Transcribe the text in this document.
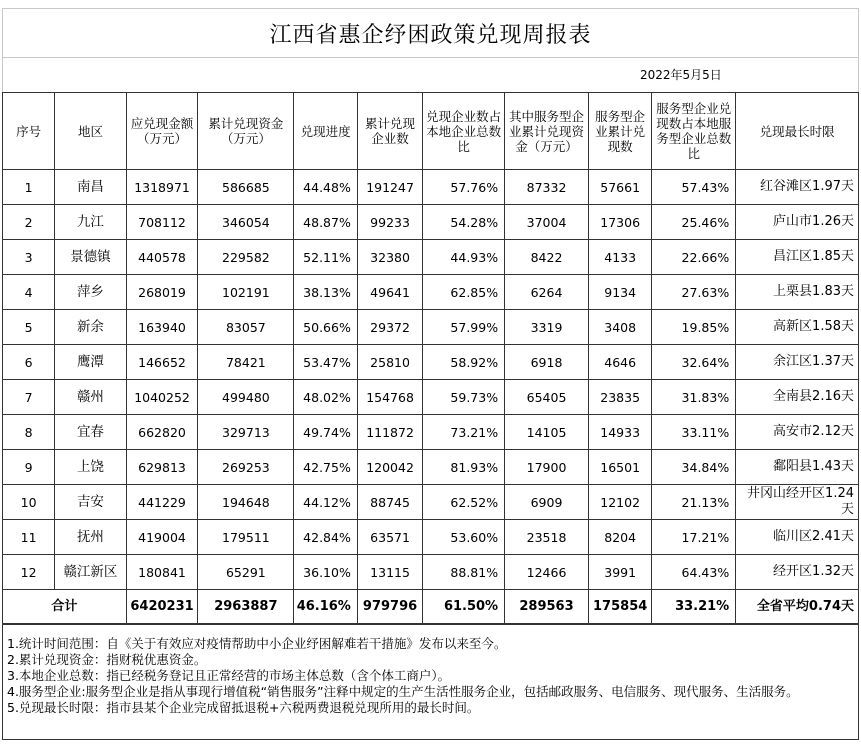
江西省惠企纾困政策兑现周报表
2022年5月5日
序号	地区	应兑现金额（万元）	累计兑现资金（万元）	兑现进度	累计兑现企业数	兑现企业数占本地企业总数比	其中服务型企业累计兑现资金（万元）	服务型企业累计兑现数	服务型企业兑现数占本地服务型企业总数比	兑现最长时限
1	南昌	1318971	586685	44.48%	191247	57.76%	87332	57661	57.43%	红谷滩区1.97天
2	九江	708112	346054	48.87%	99233	54.28%	37004	17306	25.46%	庐山市1.26天
3	景德镇	440578	229582	52.11%	32380	44.93%	8422	4133	22.66%	昌江区1.85天
4	萍乡	268019	102191	38.13%	49641	62.85%	6264	9134	27.63%	上栗县1.83天
5	新余	163940	83057	50.66%	29372	57.99%	3319	3408	19.85%	高新区1.58天
6	鹰潭	146652	78421	53.47%	25810	58.92%	6918	4646	32.64%	余江区1.37天
7	赣州	1040252	499480	48.02%	154768	59.73%	65405	23835	31.83%	全南县2.16天
8	宜春	662820	329713	49.74%	111872	73.21%	14105	14933	33.11%	高安市2.12天
9	上饶	629813	269253	42.75%	120042	81.93%	17900	16501	34.84%	鄱阳县1.43天
10	吉安	441229	194648	44.12%	88745	62.52%	6909	12102	21.13%	井冈山经开区1.24天
11	抚州	419004	179511	42.84%	63571	53.60%	23518	8204	17.21%	临川区2.41天
12	赣江新区	180841	65291	36.10%	13115	88.81%	12466	3991	64.43%	经开区1.32天
合计		6420231	2963887	46.16%	979796	61.50%	289563	175854	33.21%	全省平均0.74天
1.统计时间范围：自《关于有效应对疫情帮助中小企业纾困解难若干措施》发布以来至今。
2.累计兑现资金：指财税优惠资金。
3.本地企业总数：指已经税务登记且正常经营的市场主体总数（含个体工商户）。
4.服务型企业:服务型企业是指从事现行增值税“销售服务”注释中规定的生产生活性服务企业，包括邮政服务、电信服务、现代服务、生活服务。
5.兑现最长时限：指市县某个企业完成留抵退税+六税两费退税兑现所用的最长时间。
